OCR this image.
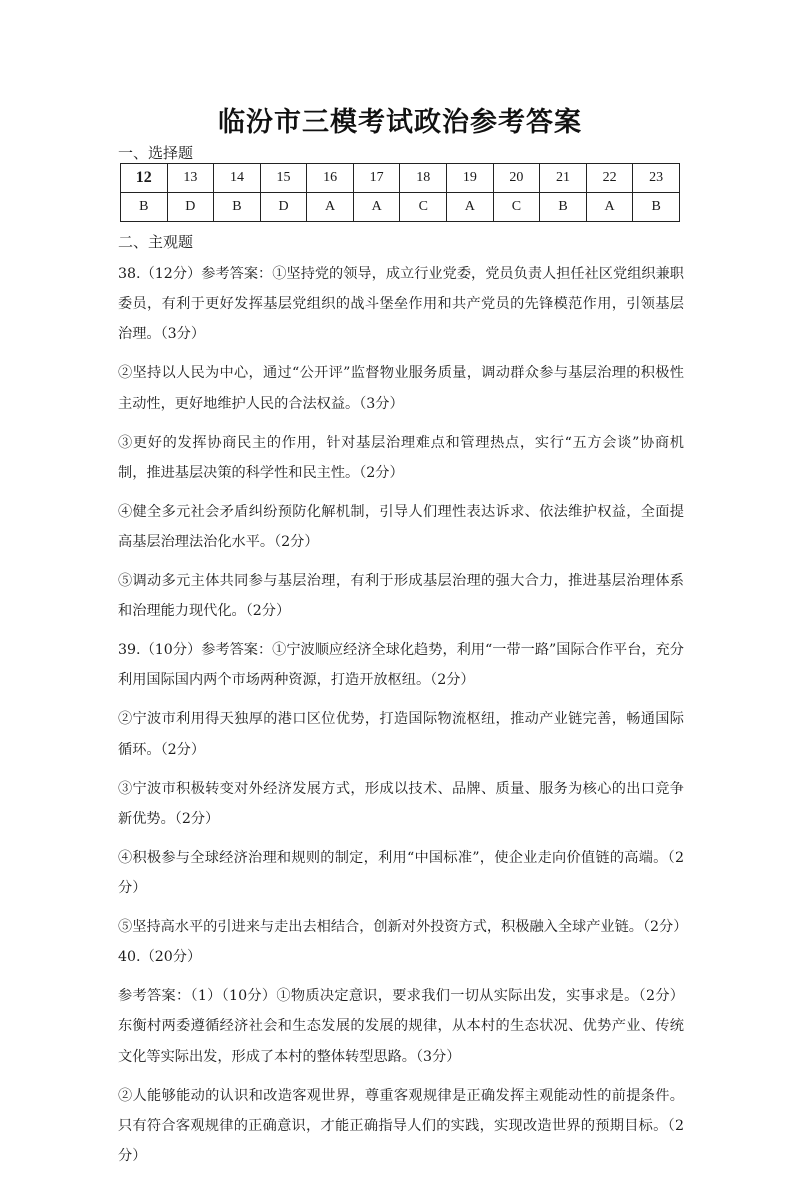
临汾市三模考试政治参考答案
一、选择题
12	13	14	15	16	17	18	19	20	21	22	23
B	D	B	D	A	A	C	A	C	B	A	B
二、主观题

38.（12分）参考答案：①坚持党的领导，成立行业党委，党员负责人担任社区党组织兼职委员，有利于更好发挥基层党组织的战斗堡垒作用和共产党员的先锋模范作用，引领基层治理。（3分）

②坚持以人民为中心，通过“公开评”监督物业服务质量，调动群众参与基层治理的积极性主动性，更好地维护人民的合法权益。（3分）

③更好的发挥协商民主的作用，针对基层治理难点和管理热点，实行“五方会谈”协商机制，推进基层决策的科学性和民主性。（2分）

④健全多元社会矛盾纠纷预防化解机制，引导人们理性表达诉求、依法维护权益，全面提高基层治理法治化水平。（2分）

⑤调动多元主体共同参与基层治理，有利于形成基层治理的强大合力，推进基层治理体系和治理能力现代化。（2分）

39.（10分）参考答案：①宁波顺应经济全球化趋势，利用“一带一路”国际合作平台，充分利用国际国内两个市场两种资源，打造开放枢纽。（2分）

②宁波市利用得天独厚的港口区位优势，打造国际物流枢纽，推动产业链完善，畅通国际循环。（2分）

③宁波市积极转变对外经济发展方式，形成以技术、品牌、质量、服务为核心的出口竞争新优势。（2分）

④积极参与全球经济治理和规则的制定，利用“中国标准”，使企业走向价值链的高端。（2分）

⑤坚持高水平的引进来与走出去相结合，创新对外投资方式，积极融入全球产业链。（2分）

40.（20分）

参考答案：（1）（10分）①物质决定意识，要求我们一切从实际出发，实事求是。（2分）东衡村两委遵循经济社会和生态发展的发展的规律，从本村的生态状况、优势产业、传统文化等实际出发，形成了本村的整体转型思路。（3分）

②人能够能动的认识和改造客观世界，尊重客观规律是正确发挥主观能动性的前提条件。只有符合客观规律的正确意识，才能正确指导人们的实践，实现改造世界的预期目标。（2分）
